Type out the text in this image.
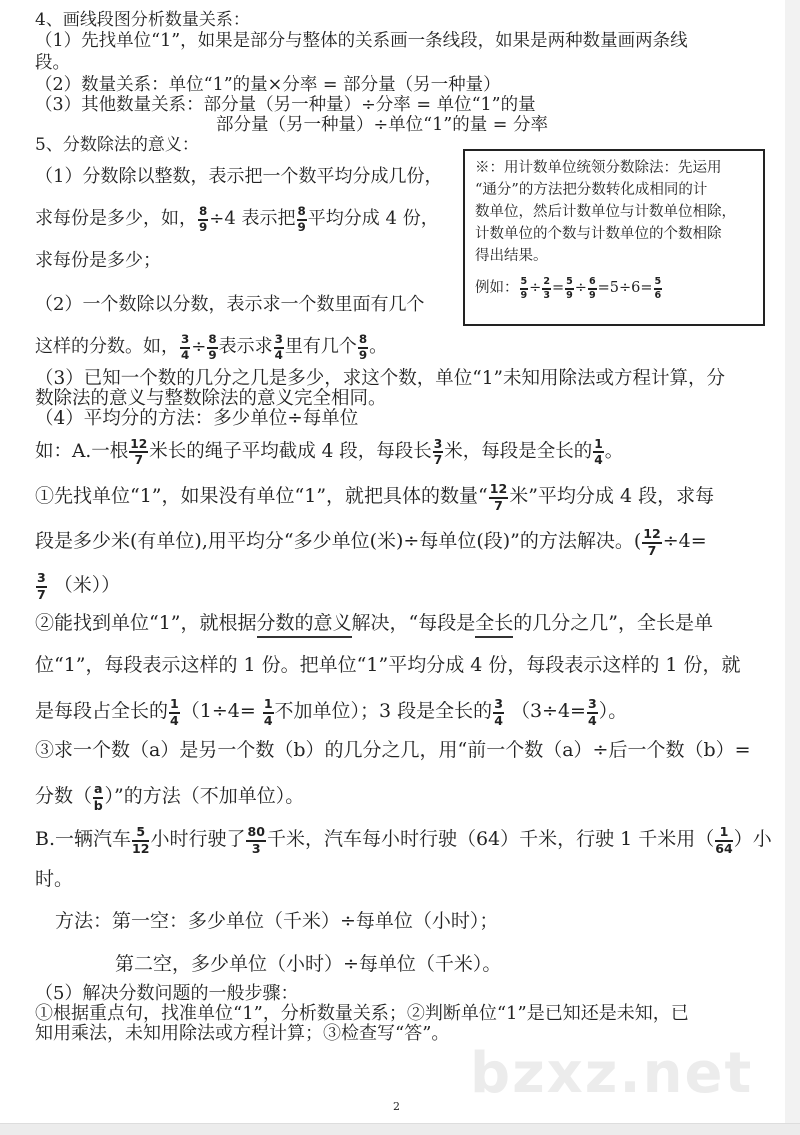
4、画线段图分析数量关系：
（1）先找单位“1”，如果是部分与整体的关系画一条线段，如果是两种数量画两条线
段。
（2）数量关系：单位“1”的量×分率 = 部分量（另一种量）
（3）其他数量关系：部分量（另一种量）÷分率 = 单位“1”的量
部分量（另一种量）÷单位“1”的量 = 分率
5、分数除法的意义：
（1）分数除以整数，表示把一个数平均分成几份，
求每份是多少，如， $\frac{8}{9} \div 4$ 表示把 $\frac{8}{9}$ 平均分成 4 份，
求每份是多少；
（2）一个数除以分数，表示求一个数里面有几个
这样的分数。如， $\frac{3}{4} \div \frac{8}{9}$ 表示求 $\frac{3}{4}$ 里有几个 $\frac{8}{9}$ 。
（3）已知一个数的几分之几是多少，求这个数，单位“1”未知用除法或方程计算，分
数除法的意义与整数除法的意义完全相同。
（4）平均分的方法：多少单位÷每单位
如：A.一根 $\frac{12}{7}$ 米长的绳子平均截成 4 段，每段长 $\frac{3}{7}$ 米，每段是全长的 $\frac{1}{4}$ 。
①先找单位“1”，如果没有单位“1”，就把具体的数量“ $\frac{12}{7}$ 米”平均分成 4 段，求每
段是多少米(有单位),用平均分“多少单位(米)÷每单位(段)”的方法解决。( $\frac{12}{7} \div 4=$
$\frac{3}{7}$ （米））
②能找到单位“1”，就根据分数的意义解决，“每段是全长的几分之几”，全长是单
位“1”，每段表示这样的 1 份。把单位“1”平均分成 4 份，每段表示这样的 1 份，就
是每段占全长的 $\frac{1}{4} (1\div 4= \frac{1}{4}$ 不加单位）；3 段是全长的 $\frac{3}{4} (3\div 4= \frac{3}{4}$ ）。
③求一个数（a）是另一个数（b）的几分之几，用“前一个数（a）÷后一个数（b）=
分数（ $\frac{a}{b}$ ）”的方法（不加单位）。
B.一辆汽车 $\frac{5}{12}$ 小时行驶了 $\frac{80}{3}$ 千米，汽车每小时行驶（64）千米，行驶 1 千米用（ $\frac{1}{64}$ ）小
时。
方法：第一空：多少单位（千米）÷每单位（小时）；
第二空，多少单位（小时）÷每单位（千米）。
（5）解决分数问题的一般步骤：
①根据重点句，找准单位“1”，分析数量关系；②判断单位“1”是已知还是未知，已
知用乘法，未知用除法或方程计算；③检查写“答”。
※：用计数单位统领分数除法：先运用
“通分”的方法把分数转化成相同的计
数单位，然后计数单位与计数单位相除，
计数单位的个数与计数单位的个数相除
得出结果。
例如： $\frac{5}{9} \div \frac{2}{3} = \frac{5}{9} \div \frac{6}{9} =5\div 6= \frac{5}{6}$
bzxz.net
2
